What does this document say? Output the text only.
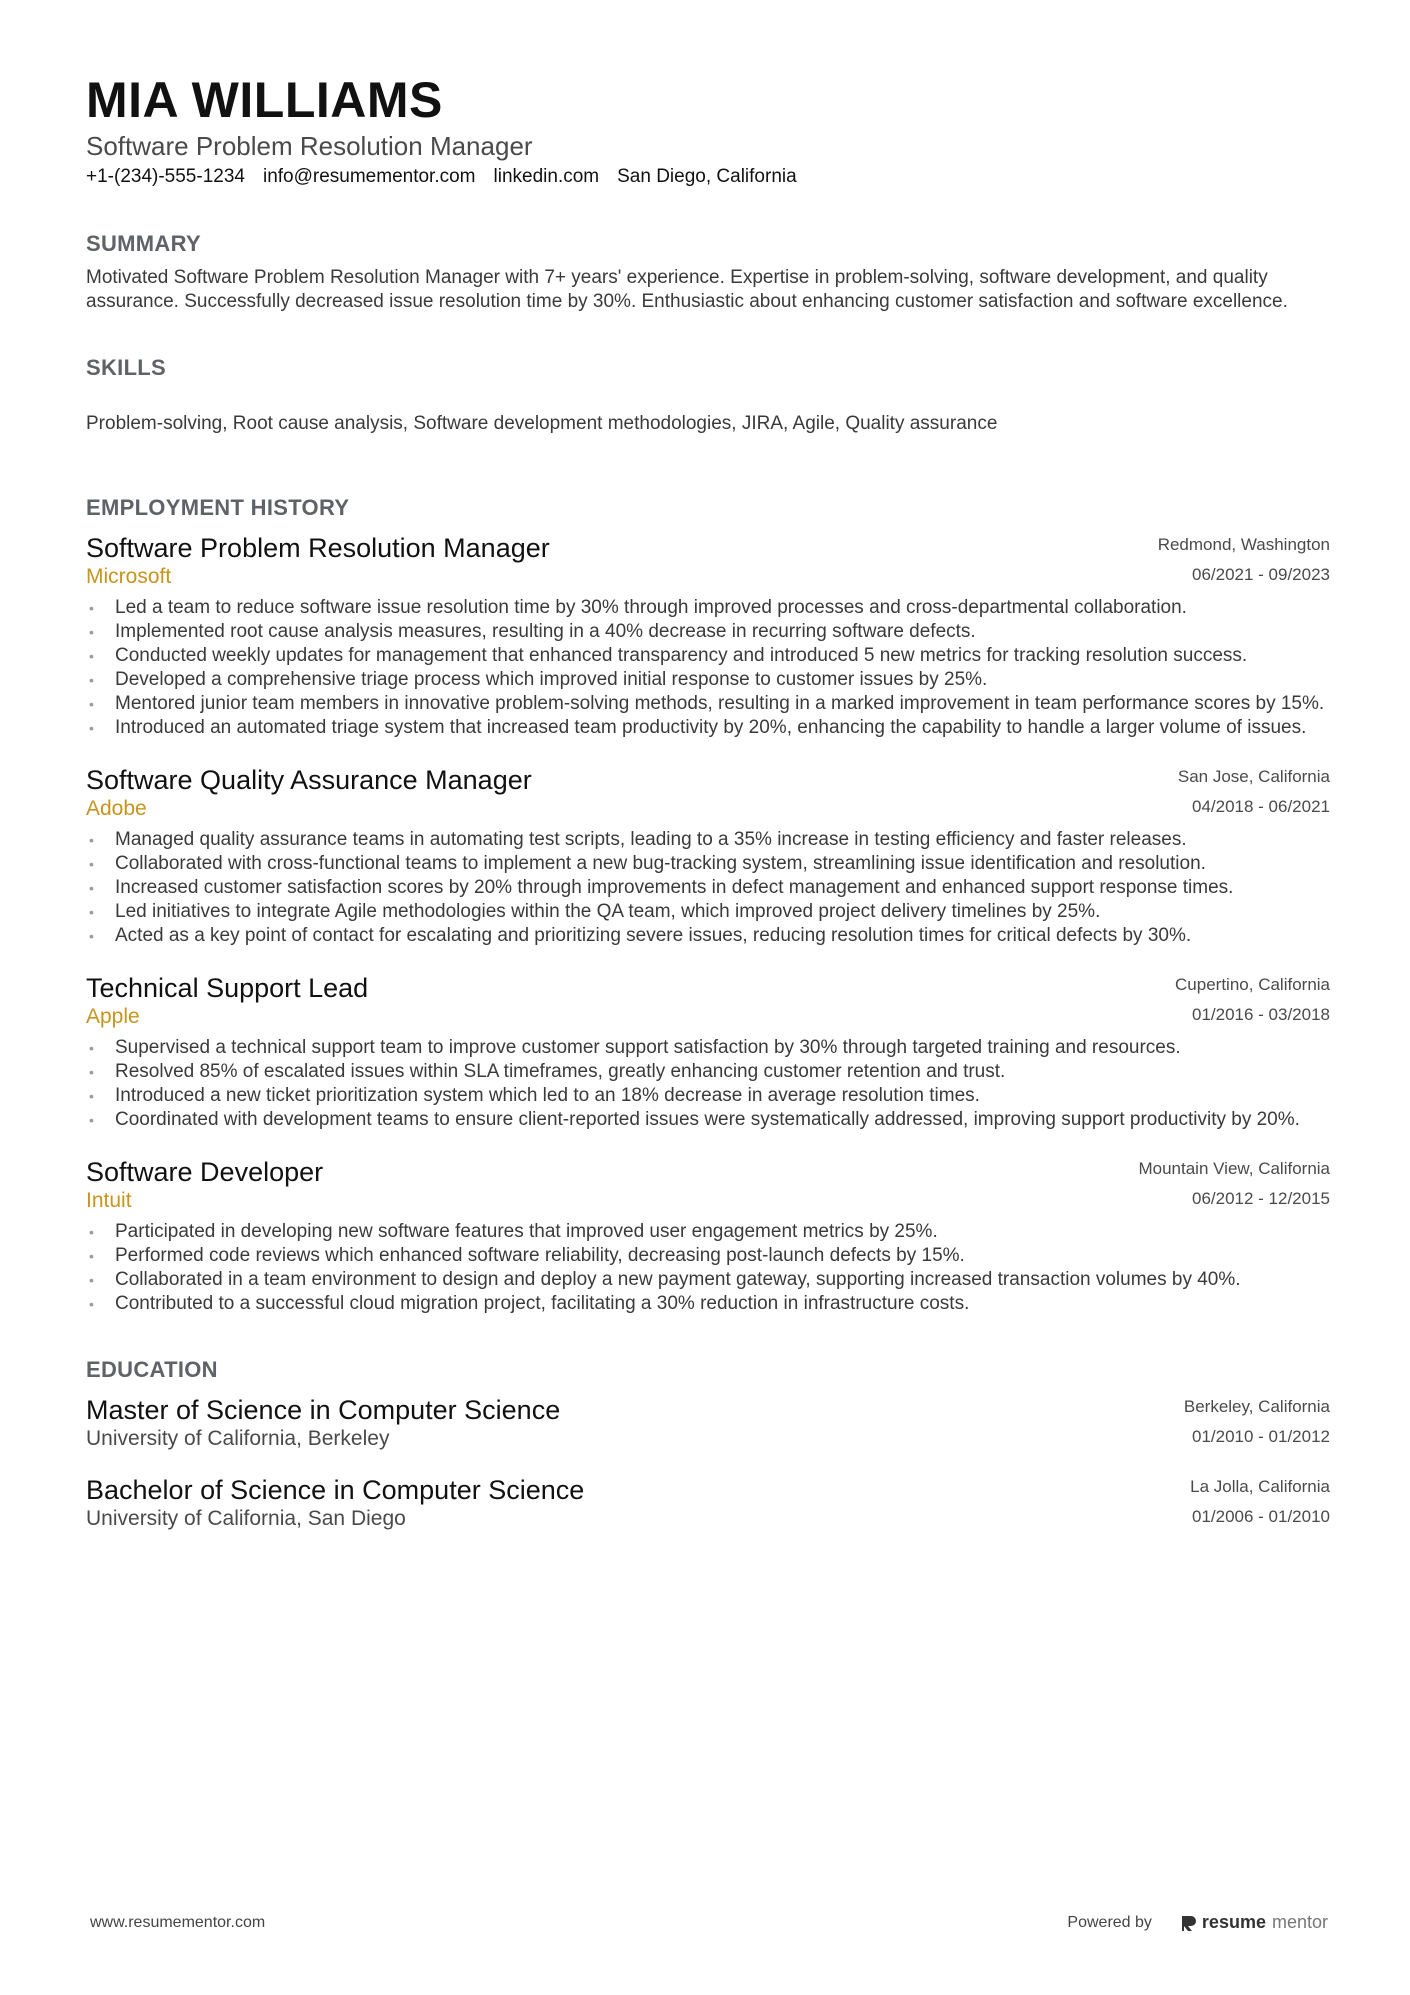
MIA WILLIAMS
Software Problem Resolution Manager
+1-(234)-555-1234 info@resumementor.com linkedin.com San Diego, California
SUMMARY
Motivated Software Problem Resolution Manager with 7+ years' experience. Expertise in problem-solving, software development, and quality assurance. Successfully decreased issue resolution time by 30%. Enthusiastic about enhancing customer satisfaction and software excellence.
SKILLS
Problem-solving, Root cause analysis, Software development methodologies, JIRA, Agile, Quality assurance
EMPLOYMENT HISTORY
Software Problem Resolution Manager
Microsoft
Redmond, Washington
06/2021 - 09/2023
• Led a team to reduce software issue resolution time by 30% through improved processes and cross-departmental collaboration.
• Implemented root cause analysis measures, resulting in a 40% decrease in recurring software defects.
• Conducted weekly updates for management that enhanced transparency and introduced 5 new metrics for tracking resolution success.
• Developed a comprehensive triage process which improved initial response to customer issues by 25%.
• Mentored junior team members in innovative problem-solving methods, resulting in a marked improvement in team performance scores by 15%.
• Introduced an automated triage system that increased team productivity by 20%, enhancing the capability to handle a larger volume of issues.
Software Quality Assurance Manager
Adobe
San Jose, California
04/2018 - 06/2021
• Managed quality assurance teams in automating test scripts, leading to a 35% increase in testing efficiency and faster releases.
• Collaborated with cross-functional teams to implement a new bug-tracking system, streamlining issue identification and resolution.
• Increased customer satisfaction scores by 20% through improvements in defect management and enhanced support response times.
• Led initiatives to integrate Agile methodologies within the QA team, which improved project delivery timelines by 25%.
• Acted as a key point of contact for escalating and prioritizing severe issues, reducing resolution times for critical defects by 30%.
Technical Support Lead
Apple
Cupertino, California
01/2016 - 03/2018
• Supervised a technical support team to improve customer support satisfaction by 30% through targeted training and resources.
• Resolved 85% of escalated issues within SLA timeframes, greatly enhancing customer retention and trust.
• Introduced a new ticket prioritization system which led to an 18% decrease in average resolution times.
• Coordinated with development teams to ensure client-reported issues were systematically addressed, improving support productivity by 20%.
Software Developer
Intuit
Mountain View, California
06/2012 - 12/2015
• Participated in developing new software features that improved user engagement metrics by 25%.
• Performed code reviews which enhanced software reliability, decreasing post-launch defects by 15%.
• Collaborated in a team environment to design and deploy a new payment gateway, supporting increased transaction volumes by 40%.
• Contributed to a successful cloud migration project, facilitating a 30% reduction in infrastructure costs.
EDUCATION
Master of Science in Computer Science
University of California, Berkeley
Berkeley, California
01/2010 - 01/2012
Bachelor of Science in Computer Science
University of California, San Diego
La Jolla, California
01/2006 - 01/2010
www.resumementor.com	Powered by	resume mentor
